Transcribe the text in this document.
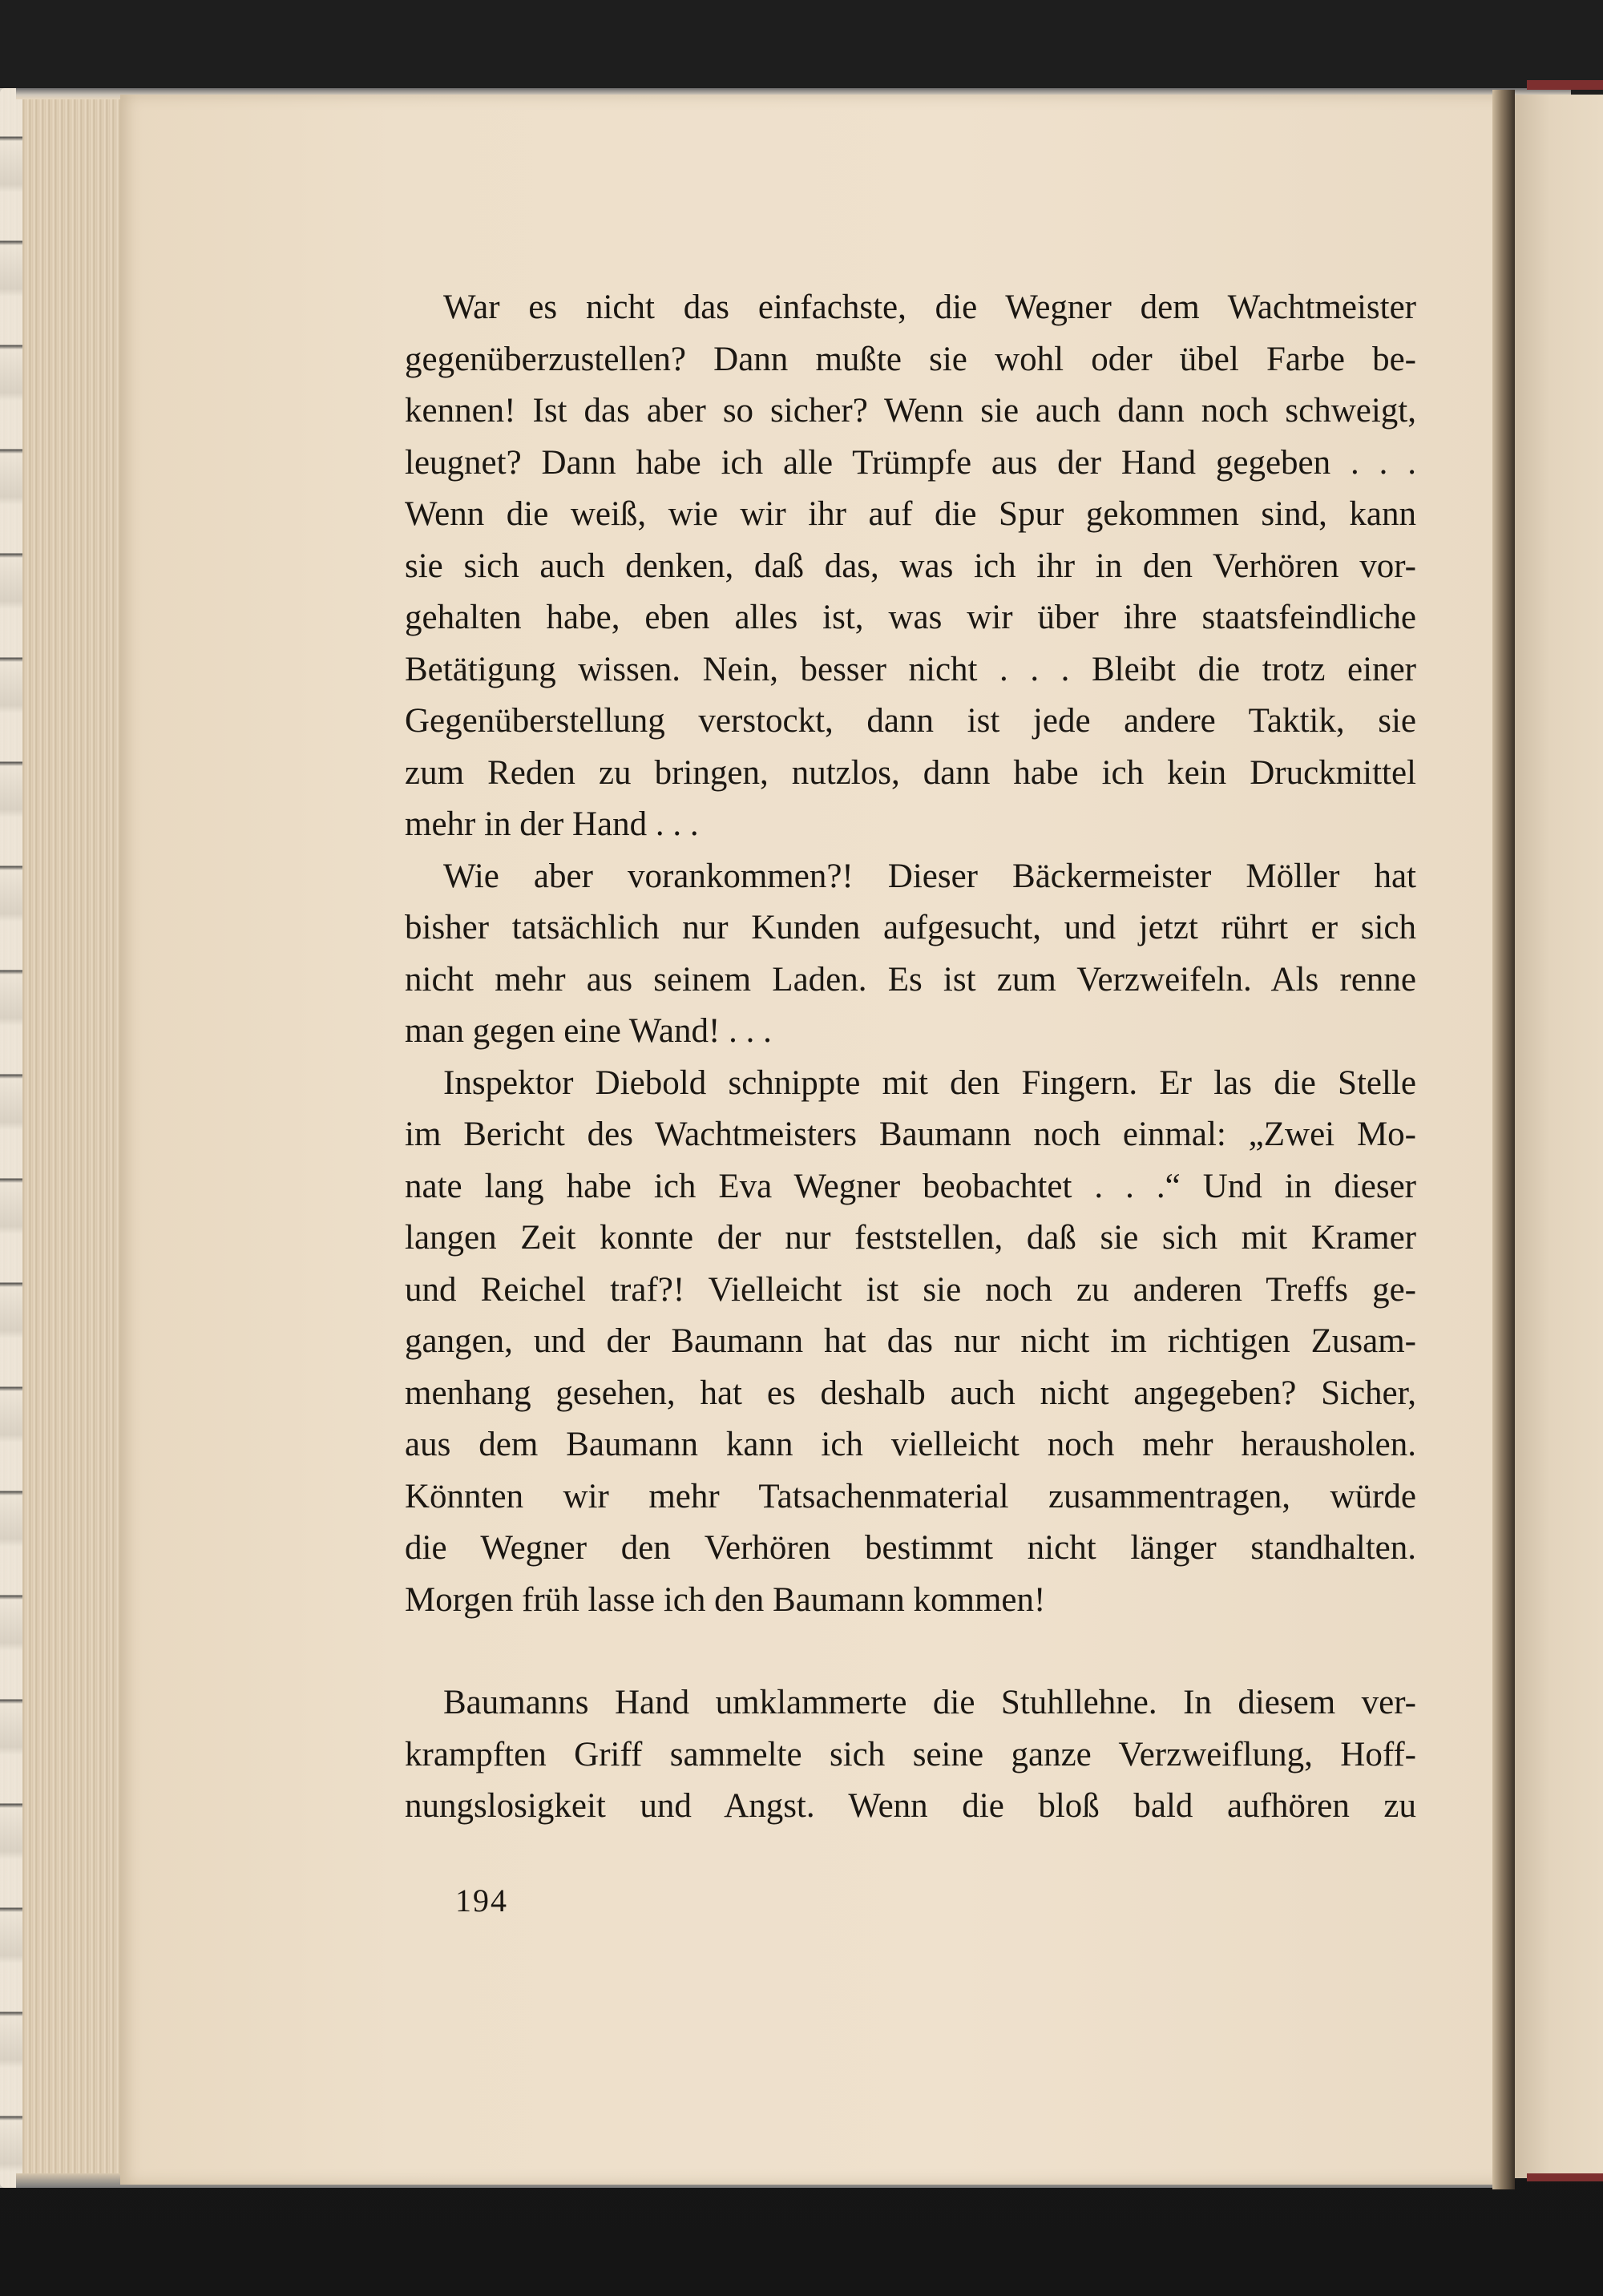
War es nicht das einfachste, die Wegner dem Wachtmeister
gegenüberzustellen? Dann mußte sie wohl oder übel Farbe be-
kennen! Ist das aber so sicher? Wenn sie auch dann noch schweigt,
leugnet? Dann habe ich alle Trümpfe aus der Hand gegeben . . .
Wenn die weiß, wie wir ihr auf die Spur gekommen sind, kann
sie sich auch denken, daß das, was ich ihr in den Verhören vor-
gehalten habe, eben alles ist, was wir über ihre staatsfeindliche
Betätigung wissen. Nein, besser nicht . . . Bleibt die trotz einer
Gegenüberstellung verstockt, dann ist jede andere Taktik, sie
zum Reden zu bringen, nutzlos, dann habe ich kein Druckmittel
mehr in der Hand . . .
Wie aber vorankommen?! Dieser Bäckermeister Möller hat
bisher tatsächlich nur Kunden aufgesucht, und jetzt rührt er sich
nicht mehr aus seinem Laden. Es ist zum Verzweifeln. Als renne
man gegen eine Wand! . . .
Inspektor Diebold schnippte mit den Fingern. Er las die Stelle
im Bericht des Wachtmeisters Baumann noch einmal: „Zwei Mo-
nate lang habe ich Eva Wegner beobachtet . . .“ Und in dieser
langen Zeit konnte der nur feststellen, daß sie sich mit Kramer
und Reichel traf?! Vielleicht ist sie noch zu anderen Treffs ge-
gangen, und der Baumann hat das nur nicht im richtigen Zusam-
menhang gesehen, hat es deshalb auch nicht angegeben? Sicher,
aus dem Baumann kann ich vielleicht noch mehr herausholen.
Könnten wir mehr Tatsachenmaterial zusammentragen, würde
die Wegner den Verhören bestimmt nicht länger standhalten.
Morgen früh lasse ich den Baumann kommen!
Baumanns Hand umklammerte die Stuhllehne. In diesem ver-
krampften Griff sammelte sich seine ganze Verzweiflung, Hoff-
nungslosigkeit und Angst. Wenn die bloß bald aufhören zu
194
